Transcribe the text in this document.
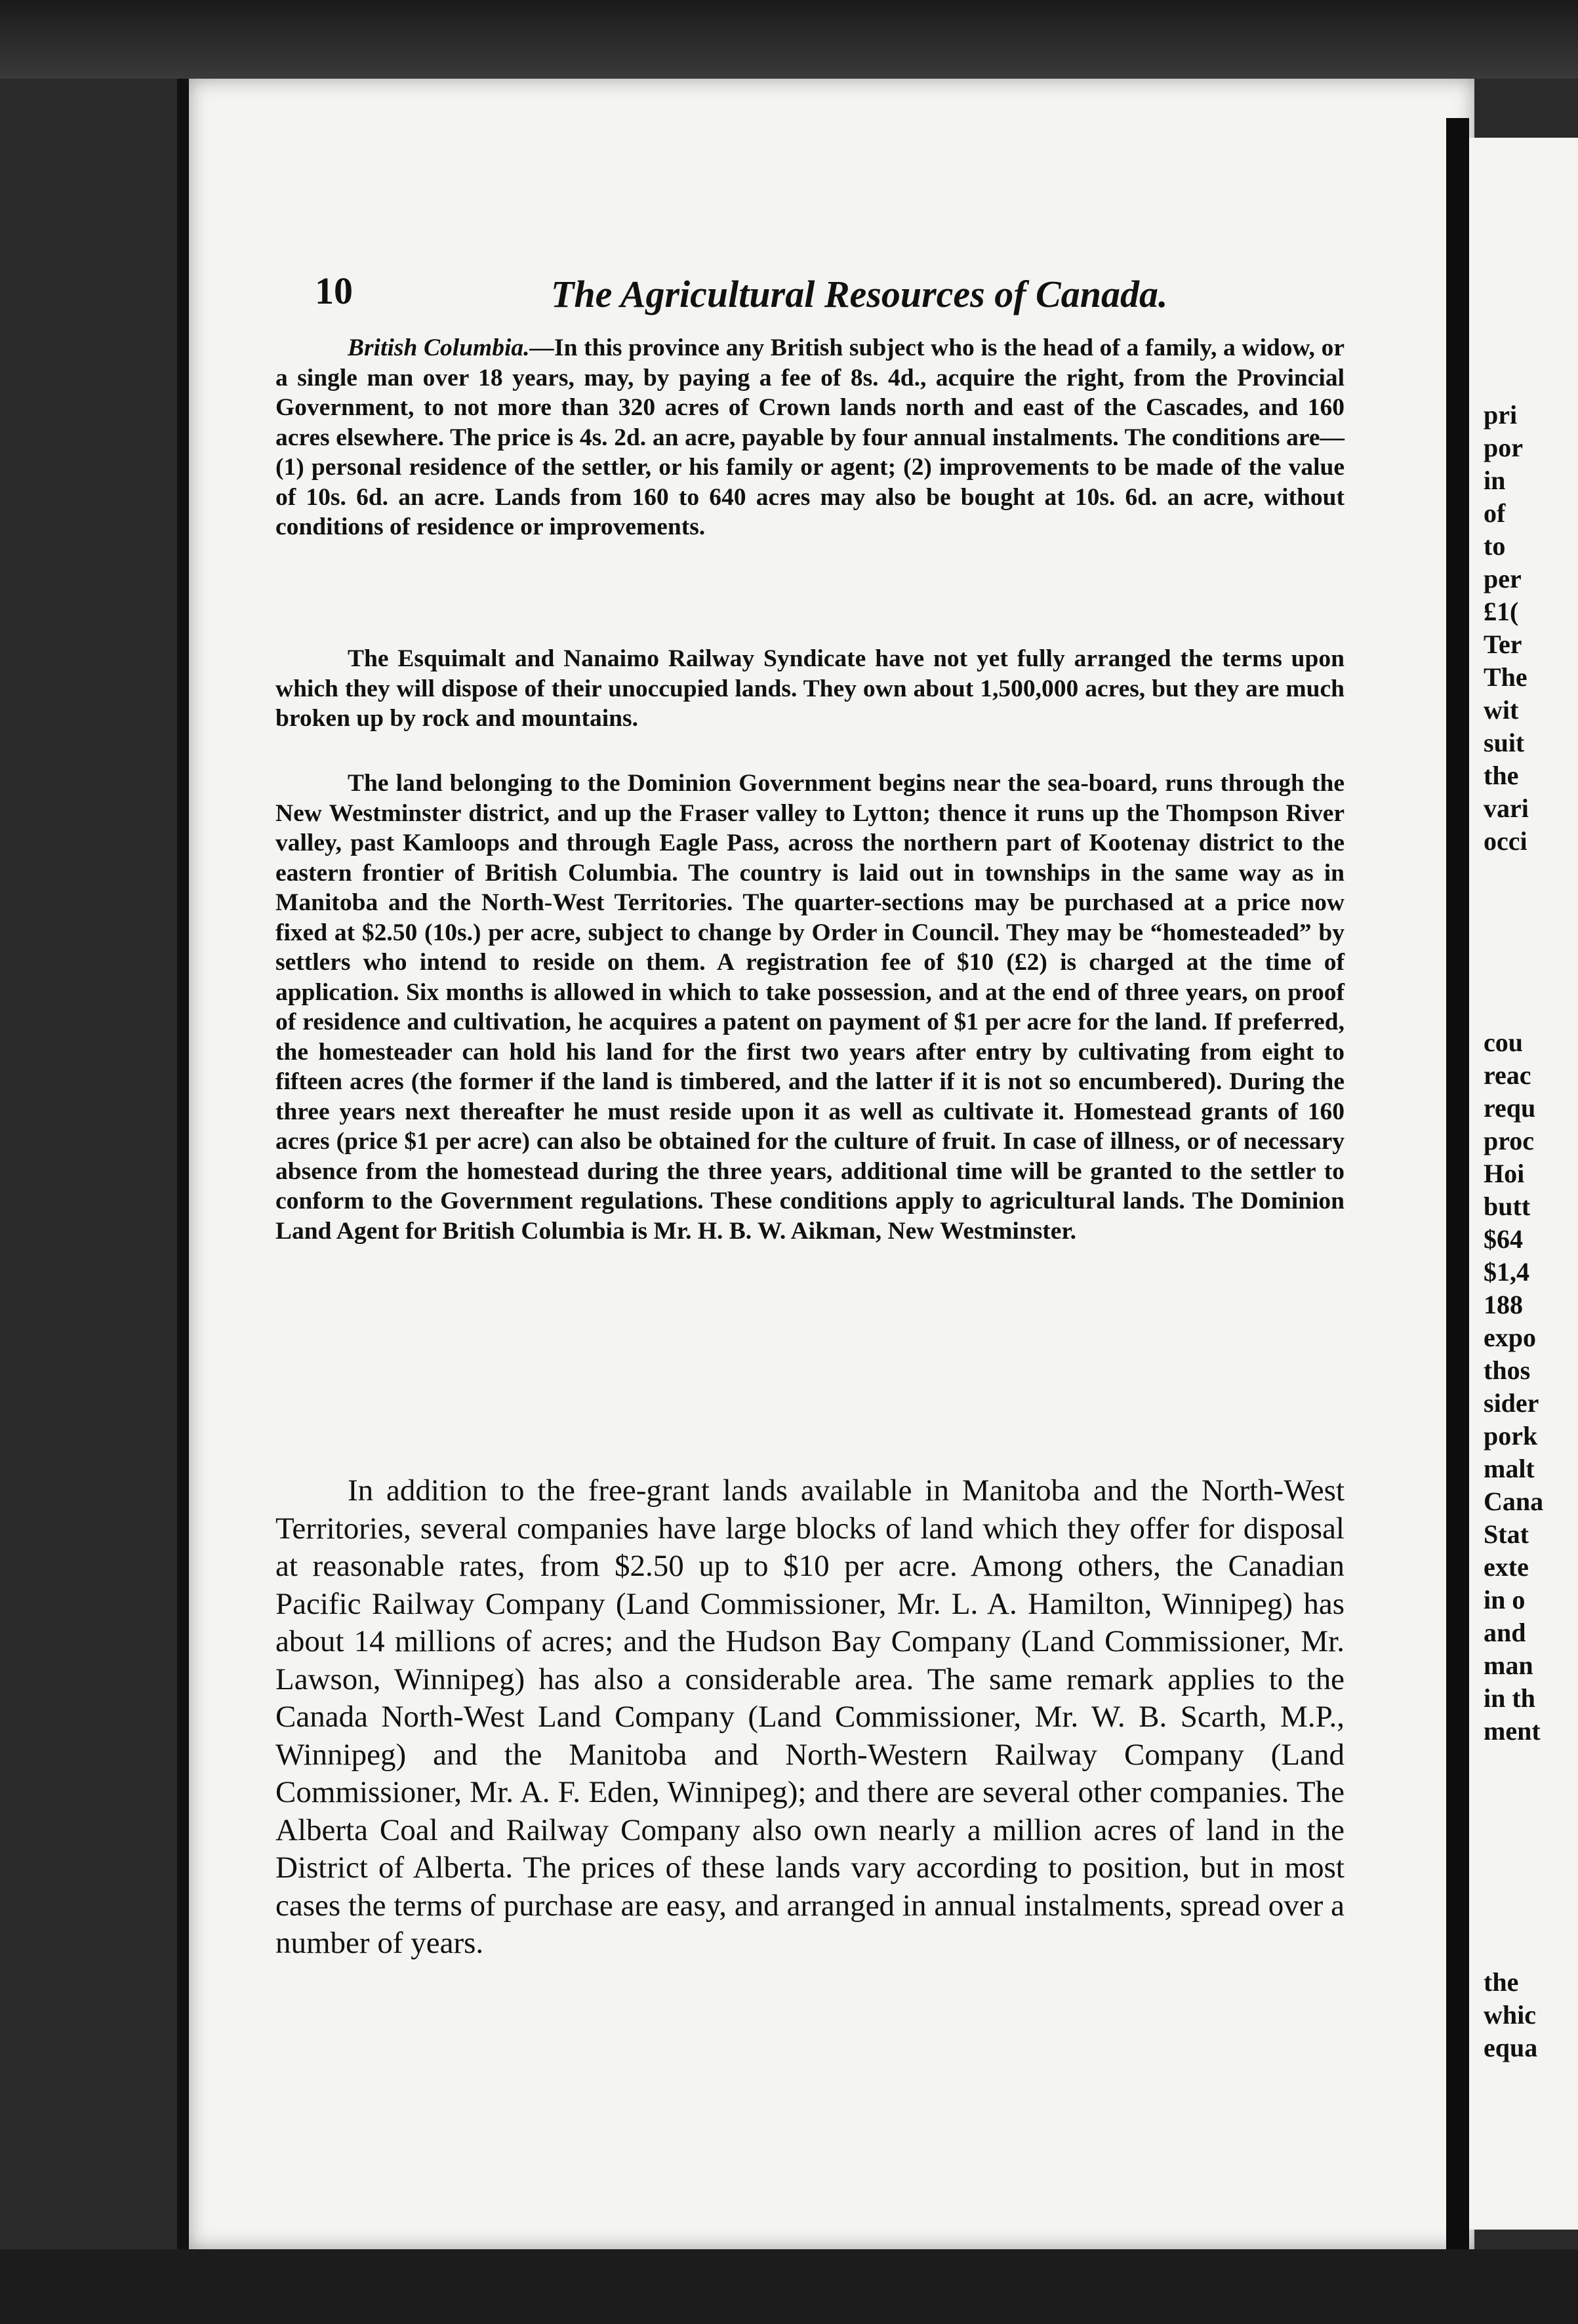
10	The Agricultural Resources of Canada.

British Columbia.—In this province any British subject who is the head of a family, a widow, or a single man over 18 years, may, by paying a fee of 8s. 4d., acquire the right, from the Provincial Government, to not more than 320 acres of Crown lands north and east of the Cascades, and 160 acres elsewhere. The price is 4s. 2d. an acre, payable by four annual instalments. The conditions are—(1) personal residence of the settler, or his family or agent; (2) improvements to be made of the value of 10s. 6d. an acre. Lands from 160 to 640 acres may also be bought at 10s. 6d. an acre, without conditions of residence or improvements.

The Esquimalt and Nanaimo Railway Syndicate have not yet fully arranged the terms upon which they will dispose of their unoccupied lands. They own about 1,500,000 acres, but they are much broken up by rock and mountains.

The land belonging to the Dominion Government begins near the sea-board, runs through the New Westminster district, and up the Fraser valley to Lytton; thence it runs up the Thompson River valley, past Kamloops and through Eagle Pass, across the northern part of Kootenay district to the eastern frontier of British Columbia. The country is laid out in townships in the same way as in Manitoba and the North-West Territories. The quarter-sections may be purchased at a price now fixed at $2.50 (10s.) per acre, subject to change by Order in Council. They may be “homesteaded” by settlers who intend to reside on them. A registration fee of $10 (£2) is charged at the time of application. Six months is allowed in which to take possession, and at the end of three years, on proof of residence and cultivation, he acquires a patent on payment of $1 per acre for the land. If preferred, the homesteader can hold his land for the first two years after entry by cultivating from eight to fifteen acres (the former if the land is timbered, and the latter if it is not so encumbered). During the three years next thereafter he must reside upon it as well as cultivate it. Homestead grants of 160 acres (price $1 per acre) can also be obtained for the culture of fruit. In case of illness, or of necessary absence from the homestead during the three years, additional time will be granted to the settler to conform to the Government regulations. These conditions apply to agricultural lands. The Dominion Land Agent for British Columbia is Mr. H. B. W. Aikman, New Westminster.

In addition to the free-grant lands available in Manitoba and the North-West Territories, several companies have large blocks of land which they offer for disposal at reasonable rates, from $2.50 up to $10 per acre. Among others, the Canadian Pacific Railway Company (Land Commissioner, Mr. L. A. Hamilton, Winnipeg) has about 14 millions of acres; and the Hudson Bay Company (Land Commissioner, Mr. Lawson, Winnipeg) has also a considerable area. The same remark applies to the Canada North-West Land Company (Land Commissioner, Mr. W. B. Scarth, M.P., Winnipeg) and the Manitoba and North-Western Railway Company (Land Commissioner, Mr. A. F. Eden, Winnipeg); and there are several other companies. The Alberta Coal and Railway Company also own nearly a million acres of land in the District of Alberta. The prices of these lands vary according to position, but in most cases the terms of purchase are easy, and arranged in annual instalments, spread over a number of years.

pri
por
in
of
to
per
£1(
Ter
The
wit
suit
the
vari
occi
cou
reac
requ
proc
Hoi
butt
$64
$1,4
188
expo
thos
sider
pork
malt
Cana
Stat
exte
in o
and
man
in th
ment
the
whic
equa
